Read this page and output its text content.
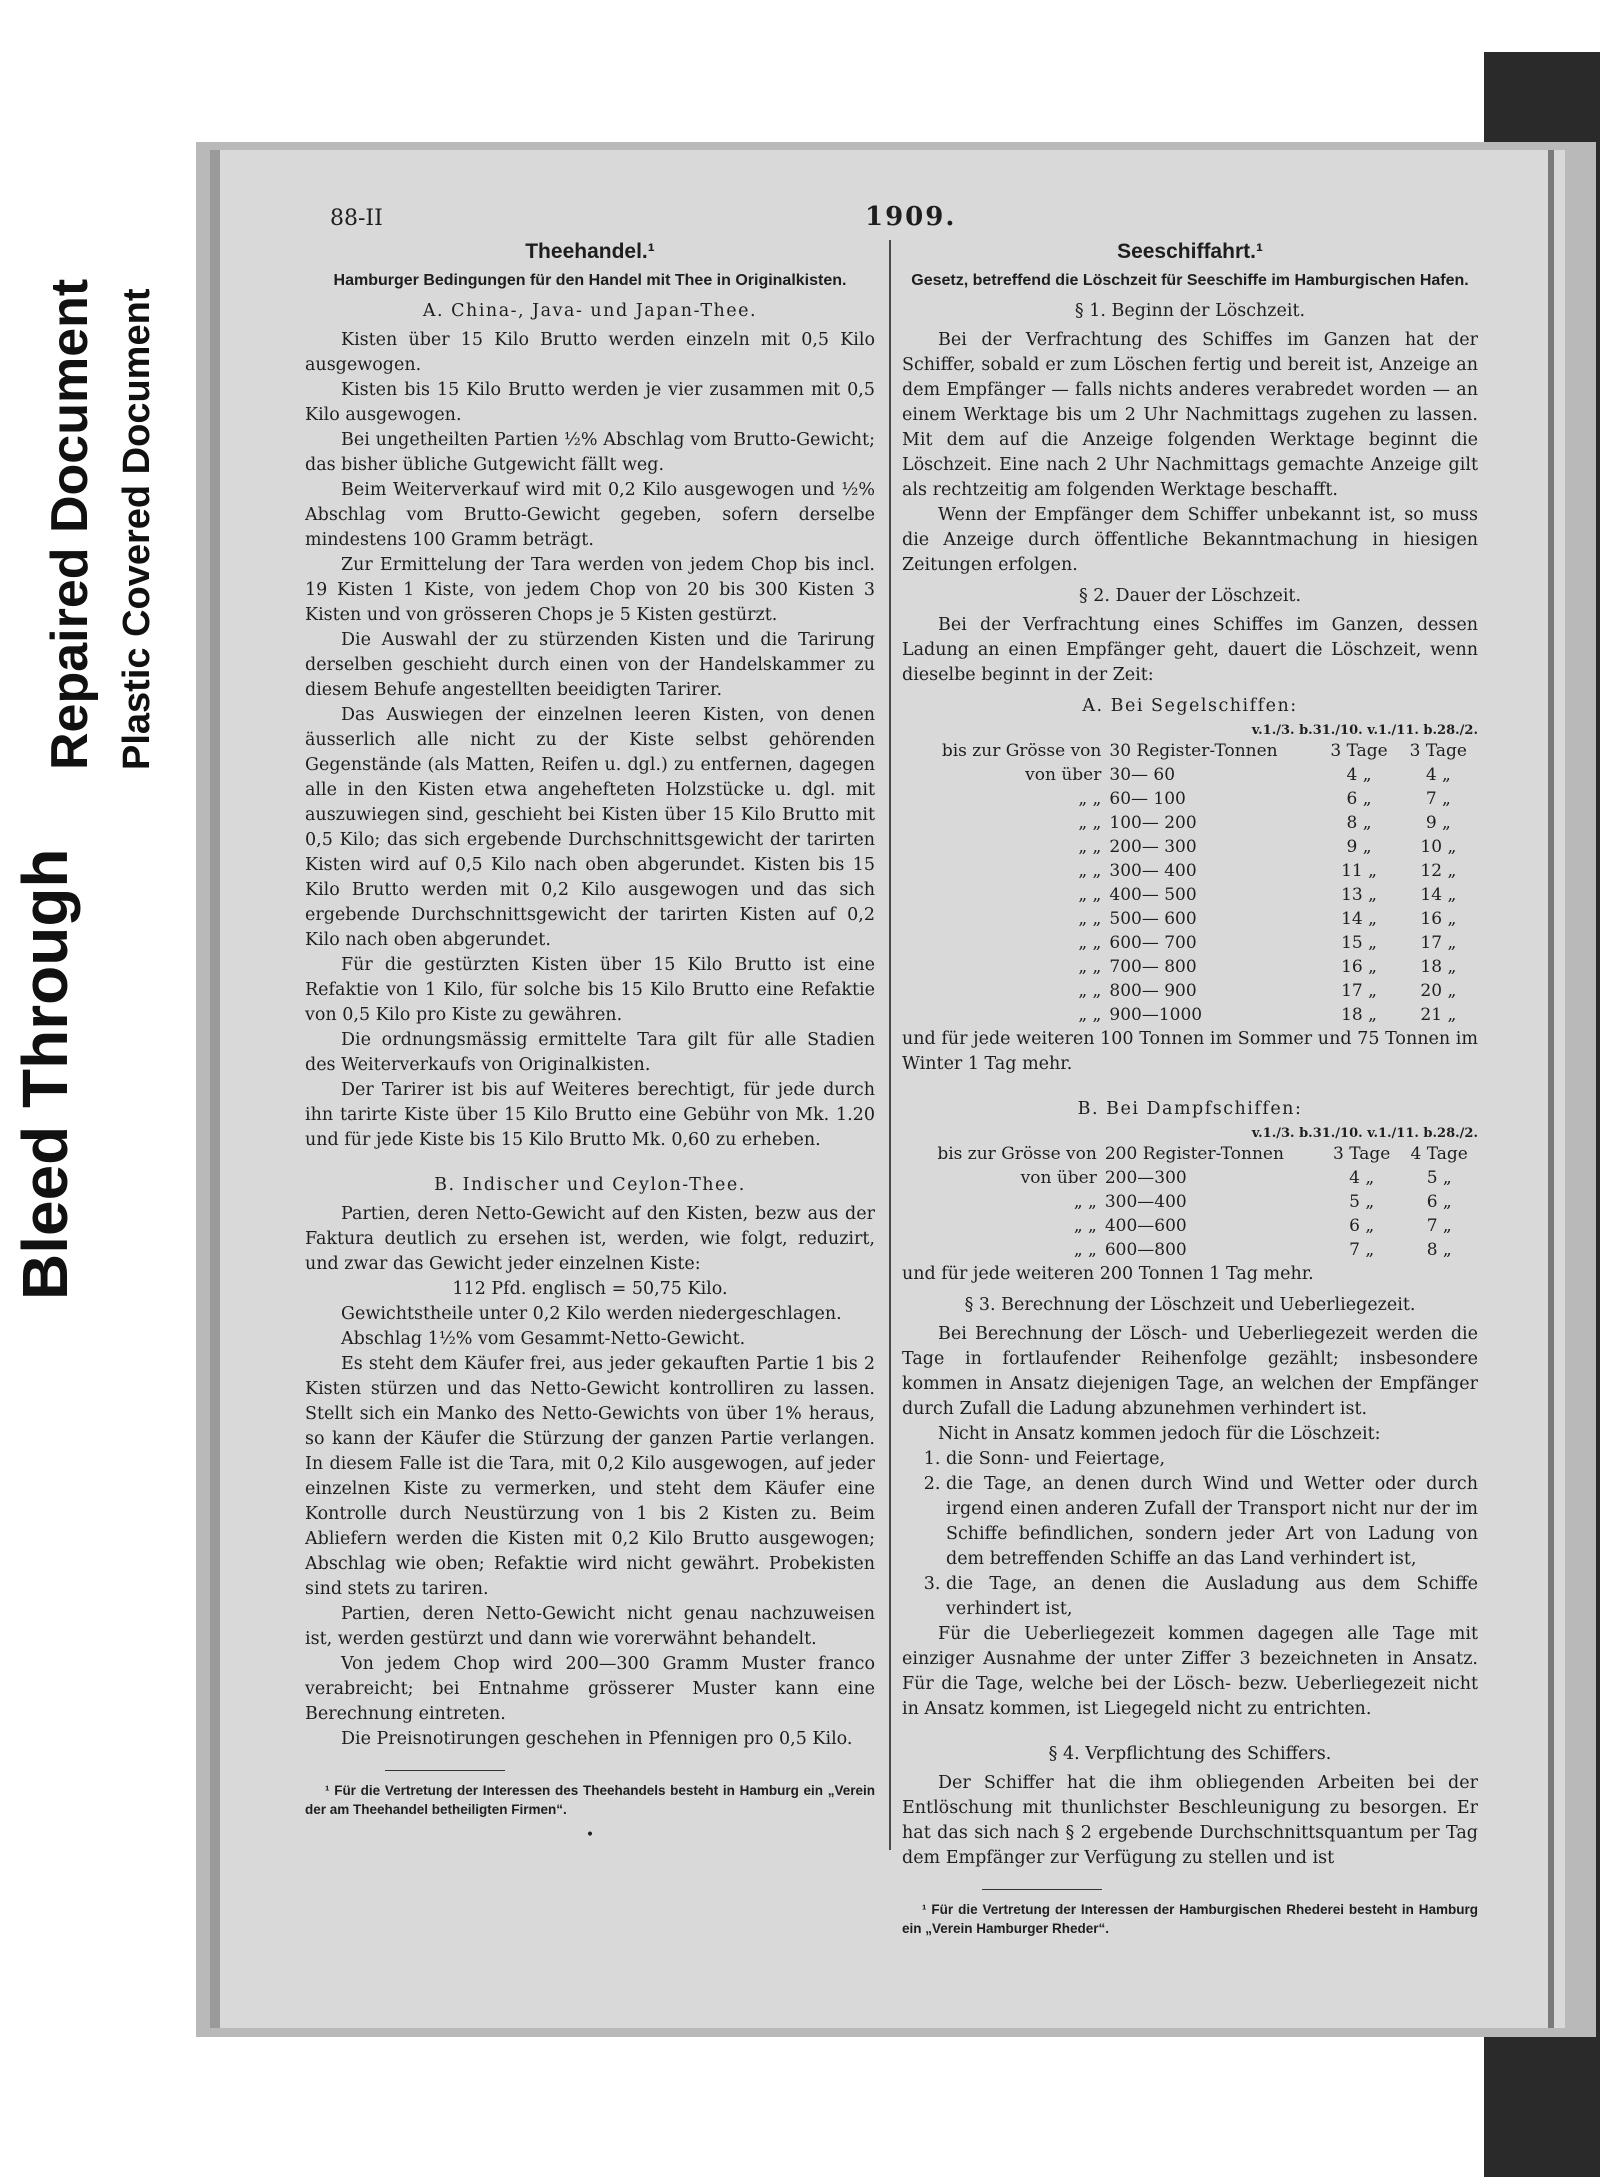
Bleed Through
Repaired Document Plastic Covered Document
88-II	1909.
Theehandel.¹
Hamburger Bedingungen für den Handel mit Thee in Originalkisten.
A. China-, Java- und Japan-Thee.

Kisten über 15 Kilo Brutto werden einzeln mit 0,5 Kilo ausgewogen.

Kisten bis 15 Kilo Brutto werden je vier zusammen mit 0,5 Kilo ausgewogen.

Bei ungetheilten Partien ½% Abschlag vom Brutto-Gewicht; das bisher übliche Gutgewicht fällt weg.

Beim Weiterverkauf wird mit 0,2 Kilo ausgewogen und ½% Abschlag vom Brutto-Gewicht gegeben, sofern derselbe mindestens 100 Gramm beträgt.

Zur Ermittelung der Tara werden von jedem Chop bis incl. 19 Kisten 1 Kiste, von jedem Chop von 20 bis 300 Kisten 3 Kisten und von grösseren Chops je 5 Kisten gestürzt.

Die Auswahl der zu stürzenden Kisten und die Tarirung derselben geschieht durch einen von der Handelskammer zu diesem Behufe angestellten beeidigten Tarirer.

Das Auswiegen der einzelnen leeren Kisten, von denen äusserlich alle nicht zu der Kiste selbst gehörenden Gegenstände (als Matten, Reifen u. dgl.) zu entfernen, dagegen alle in den Kisten etwa angehefteten Holzstücke u. dgl. mit auszuwiegen sind, geschieht bei Kisten über 15 Kilo Brutto mit 0,5 Kilo; das sich ergebende Durchschnittsgewicht der tarirten Kisten wird auf 0,5 Kilo nach oben abgerundet. Kisten bis 15 Kilo Brutto werden mit 0,2 Kilo ausgewogen und das sich ergebende Durchschnittsgewicht der tarirten Kisten auf 0,2 Kilo nach oben abgerundet.

Für die gestürzten Kisten über 15 Kilo Brutto ist eine Refaktie von 1 Kilo, für solche bis 15 Kilo Brutto eine Refaktie von 0,5 Kilo pro Kiste zu gewähren.

Die ordnungsmässig ermittelte Tara gilt für alle Stadien des Weiterverkaufs von Originalkisten.

Der Tarirer ist bis auf Weiteres berechtigt, für jede durch ihn tarirte Kiste über 15 Kilo Brutto eine Gebühr von Mk. 1.20 und für jede Kiste bis 15 Kilo Brutto Mk. 0,60 zu erheben.

B. Indischer und Ceylon-Thee.

Partien, deren Netto-Gewicht auf den Kisten, bezw aus der Faktura deutlich zu ersehen ist, werden, wie folgt, reduzirt, und zwar das Gewicht jeder einzelnen Kiste:

112 Pfd. englisch = 50,75 Kilo.

Gewichtstheile unter 0,2 Kilo werden niedergeschlagen.

Abschlag 1½% vom Gesammt-Netto-Gewicht.

Es steht dem Käufer frei, aus jeder gekauften Partie 1 bis 2 Kisten stürzen und das Netto-Gewicht kontrolliren zu lassen. Stellt sich ein Manko des Netto-Gewichts von über 1% heraus, so kann der Käufer die Stürzung der ganzen Partie verlangen. In diesem Falle ist die Tara, mit 0,2 Kilo ausgewogen, auf jeder einzelnen Kiste zu vermerken, und steht dem Käufer eine Kontrolle durch Neustürzung von 1 bis 2 Kisten zu. Beim Abliefern werden die Kisten mit 0,2 Kilo Brutto ausgewogen; Abschlag wie oben; Refaktie wird nicht gewährt. Probekisten sind stets zu tariren.

Partien, deren Netto-Gewicht nicht genau nachzuweisen ist, werden gestürzt und dann wie vorerwähnt behandelt.

Von jedem Chop wird 200—300 Gramm Muster franco verabreicht; bei Entnahme grösserer Muster kann eine Berechnung eintreten.

Die Preisnotirungen geschehen in Pfennigen pro 0,5 Kilo.

¹ Für die Vertretung der Interessen des Theehandels besteht in Hamburg ein „Verein der am Theehandel betheiligten Firmen“.
•
Seeschiffahrt.¹
Gesetz, betreffend die Löschzeit für Seeschiffe im Hamburgischen Hafen.
§ 1. Beginn der Löschzeit.

Bei der Verfrachtung des Schiffes im Ganzen hat der Schiffer, sobald er zum Löschen fertig und bereit ist, Anzeige an dem Empfänger — falls nichts anderes verabredet worden — an einem Werktage bis um 2 Uhr Nachmittags zugehen zu lassen. Mit dem auf die Anzeige folgenden Werktage beginnt die Löschzeit. Eine nach 2 Uhr Nachmittags gemachte Anzeige gilt als rechtzeitig am folgenden Werktage beschafft.

Wenn der Empfänger dem Schiffer unbekannt ist, so muss die Anzeige durch öffentliche Bekanntmachung in hiesigen Zeitungen erfolgen.

§ 2. Dauer der Löschzeit.

Bei der Verfrachtung eines Schiffes im Ganzen, dessen Ladung an einen Empfänger geht, dauert die Löschzeit, wenn dieselbe beginnt in der Zeit:

A. Bei Segelschiffen:
v.1./3. b.31./10. v.1./11. b.28./2.
bis zur Grösse von	30 Register-Tonnen	3 Tage	3 Tage
von über	30— 60	4 „	4 „
„ „	60— 100	6 „	7 „
„ „	100— 200	8 „	9 „
„ „	200— 300	9 „	10 „
„ „	300— 400	11 „	12 „
„ „	400— 500	13 „	14 „
„ „	500— 600	14 „	16 „
„ „	600— 700	15 „	17 „
„ „	700— 800	16 „	18 „
„ „	800— 900	17 „	20 „
„ „	900—1000	18 „	21 „

und für jede weiteren 100 Tonnen im Sommer und 75 Tonnen im Winter 1 Tag mehr.

B. Bei Dampfschiffen:
v.1./3. b.31./10. v.1./11. b.28./2.
bis zur Grösse von	200 Register-Tonnen	3 Tage	4 Tage
von über	200—300	4 „	5 „
„ „	300—400	5 „	6 „
„ „	400—600	6 „	7 „
„ „	600—800	7 „	8 „

und für jede weiteren 200 Tonnen 1 Tag mehr.

§ 3. Berechnung der Löschzeit und Ueberliegezeit.

Bei Berechnung der Lösch- und Ueberliegezeit werden die Tage in fortlaufender Reihenfolge gezählt; insbesondere kommen in Ansatz diejenigen Tage, an welchen der Empfänger durch Zufall die Ladung abzunehmen verhindert ist.

Nicht in Ansatz kommen jedoch für die Löschzeit:

1. die Sonn- und Feiertage,
2. die Tage, an denen durch Wind und Wetter oder durch irgend einen anderen Zufall der Transport nicht nur der im Schiffe befindlichen, sondern jeder Art von Ladung von dem betreffenden Schiffe an das Land verhindert ist,
3. die Tage, an denen die Ausladung aus dem Schiffe verhindert ist,

Für die Ueberliegezeit kommen dagegen alle Tage mit einziger Ausnahme der unter Ziffer 3 bezeichneten in Ansatz. Für die Tage, welche bei der Lösch- bezw. Ueberliegezeit nicht in Ansatz kommen, ist Liegegeld nicht zu entrichten.

§ 4. Verpflichtung des Schiffers.

Der Schiffer hat die ihm obliegenden Arbeiten bei der Entlöschung mit thunlichster Beschleunigung zu besorgen. Er hat das sich nach § 2 ergebende Durchschnittsquantum per Tag dem Empfänger zur Verfügung zu stellen und ist

¹ Für die Vertretung der Interessen der Hamburgischen Rhederei besteht in Hamburg ein „Verein Hamburger Rheder“.
